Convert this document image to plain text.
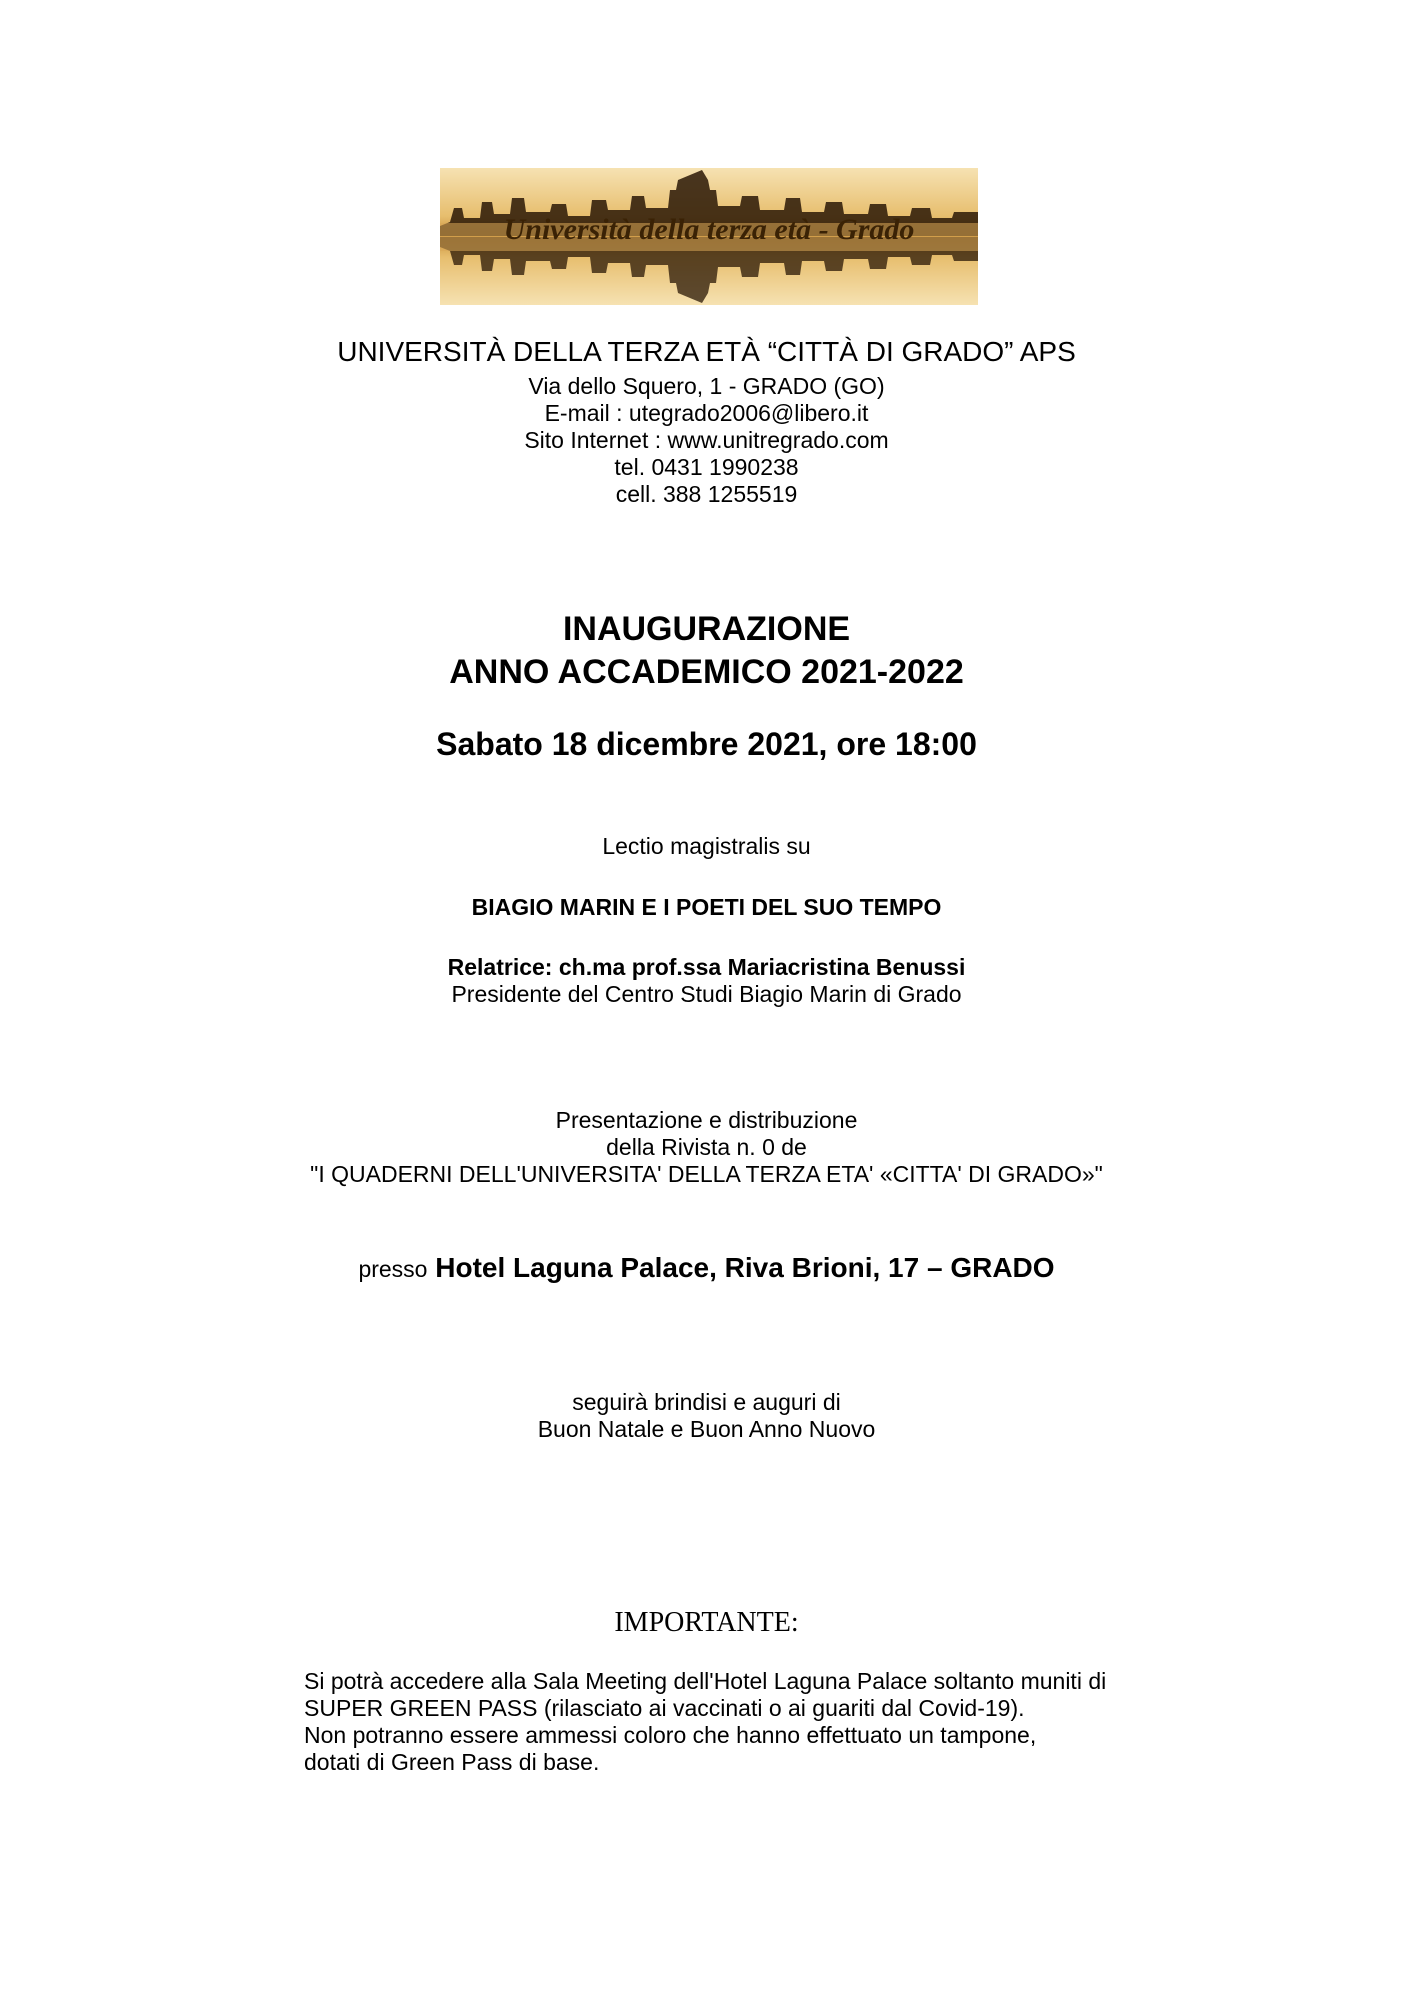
Università della terza età - Grado
UNIVERSITÀ DELLA TERZA ETÀ “CITTÀ DI GRADO” APS
Via dello Squero, 1 - GRADO (GO)
E-mail : utegrado2006@libero.it
Sito Internet : www.unitregrado.com
tel. 0431 1990238
cell. 388 1255519
INAUGURAZIONE
ANNO ACCADEMICO 2021-2022
Sabato 18 dicembre 2021, ore 18:00
Lectio magistralis su
BIAGIO MARIN E I POETI DEL SUO TEMPO
Relatrice: ch.ma prof.ssa Mariacristina Benussi
Presidente del Centro Studi Biagio Marin di Grado
Presentazione e distribuzione
della Rivista n. 0 de
"I QUADERNI DELL'UNIVERSITA' DELLA TERZA ETA' «CITTA' DI GRADO»"
presso Hotel Laguna Palace, Riva Brioni, 17 – GRADO
seguirà brindisi e auguri di
Buon Natale e Buon Anno Nuovo
IMPORTANTE:
Si potrà accedere alla Sala Meeting dell'Hotel Laguna Palace soltanto muniti di
SUPER GREEN PASS (rilasciato ai vaccinati o ai guariti dal Covid-19).
Non potranno essere ammessi coloro che hanno effettuato un tampone,
dotati di Green Pass di base.
